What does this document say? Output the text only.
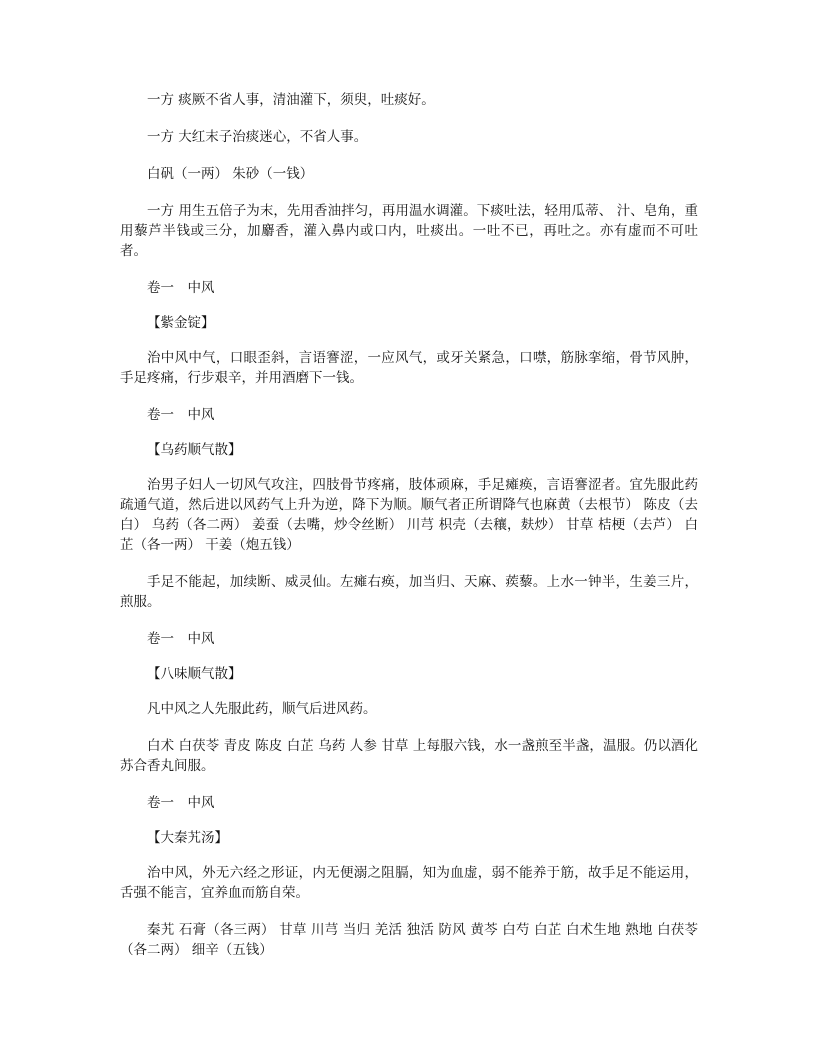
一方 痰厥不省人事，清油灌下，须臾，吐痰好。

一方 大红末子治痰迷心，不省人事。

白矾（一两） 朱砂（一钱）

一方 用生五倍子为末，先用香油拌匀，再用温水调灌。下痰吐法，轻用瓜蒂、 汁、皂角，重用藜芦半钱或三分，加麝香，灌入鼻内或口内，吐痰出。一吐不已，再吐之。亦有虚而不可吐者。

卷一　中风

【紫金锭】

治中风中气，口眼歪斜，言语謇涩，一应风气，或牙关紧急，口噤，筋脉挛缩，骨节风肿，手足疼痛，行步艰辛，并用酒磨下一钱。

卷一　中风

【乌药顺气散】

治男子妇人一切风气攻注，四肢骨节疼痛，肢体顽麻，手足瘫痪，言语謇涩者。宜先服此药疏通气道，然后进以风药气上升为逆，降下为顺。顺气者正所谓降气也麻黄（去根节） 陈皮（去白） 乌药（各二两） 姜蚕（去嘴，炒令丝断） 川芎 枳壳（去穰，麸炒） 甘草 桔梗（去芦） 白芷（各一两） 干姜（炮五钱）

手足不能起，加续断、威灵仙。左瘫右痪，加当归、天麻、蒺藜。上水一钟半，生姜三片，煎服。

卷一　中风

【八味顺气散】

凡中风之人先服此药，顺气后进风药。

白术 白茯苓 青皮 陈皮 白芷 乌药 人参 甘草 上每服六钱，水一盏煎至半盏，温服。仍以酒化苏合香丸间服。

卷一　中风

【大秦艽汤】

治中风，外无六经之形证，内无便溺之阻膈，知为血虚，弱不能养于筋，故手足不能运用，舌强不能言，宜养血而筋自荣。

秦艽 石膏（各三两） 甘草 川芎 当归 羌活 独活 防风 黄芩 白芍 白芷 白术生地 熟地 白茯苓（各二两） 细辛（五钱）
